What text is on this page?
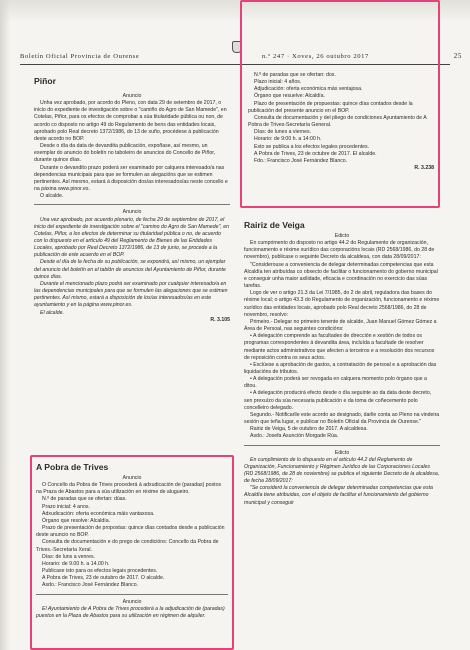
Boletín Oficial Provincia de Ourense	n.º 247 · Xoves, 26 outubro 2017	25

Piñor

Anuncio

Unha vez aprobado, por acordo do Pleno, con data 29 de setembro de 2017, o inicio do expediente de investigación sobre o "camiño do Agro de San Mamede", en Cotelas, Piñor, para os efectos de comprobar a súa titularidade pública ou non, de acordo co disposto no artigo 49 do Regulamento de bens das entidades locais, aprobado polo Real decreto 1372/1986, do 13 de xuño, procédese á publicación deste acordo no BOP.

Desde o día da data de devandita publicación, expoñase, así mesmo, un exemplar do anuncio do boletín no taboleiro de anuncios do Concello de Piñor, durante quince días.

Durante o devandito prazo poderá ser examinado por calquera interesado/a nas dependencias municipais para que se formulen as alegacións que se estimen pertinentes. Así mesmo, estará á disposición dos/as interesados/as neste concello e na páxina www.pinor.es.

O alcalde.

Anuncio

Una vez aprobado, por acuerdo plenario, de fecha 29 de septiembre de 2017, el inicio del expediente de investigación sobre el "camino do Agro de San Mamede", en Cotelas, Piñor, a los efectos de determinar su titularidad pública o no, de acuerdo con lo dispuesto en el artículo 49 del Reglamento de Bienes de las Entidades Locales, aprobado por Real Decreto 1372/1986, de 13 de junio, se procede a la publicación de este acuerdo en el BOP.

Desde el día de la fecha de su publicación, se expondrá, así mismo, un ejemplar del anuncio del boletín en el tablón de anuncios del Ayuntamiento de Piñor, durante quince días.

Durante el mencionado plazo podrá ser examinado por cualquier interesado/a en las dependencias municipales para que se formulen las alegaciones que se estimen pertinentes. Así mismo, estará a disposición de los/as interesados/as en este ayuntamiento y en la página www.pinor.es.

El alcalde.

R. 3.105

A Pobra de Trives

Anuncio

O Concello da Pobra de Trives procederá á adxudicación de (paradas) postos na Praza de Abastos para a súa utilización en réxime de alugueiro.

N.º de paradas que se ofertan: dúas.

Prazo inicial: 4 anos.

Adxudicación: oferta económica máis vantaxosa.

Órgano que resolve: Alcaldía.

Prazo de presentación de propostas: quince días contados desde a publicación deste anuncio no BOP.

Consulta de documentación e do prego de condicións: Concello da Pobra de Trives.-Secretaría Xeral.

Días: de luns a venres.

Horario: de 9.00 h. a 14.00 h.

Publicase isto para os efectos legais procedentes.

A Pobra de Trives, 23 de outubro de 2017. O alcalde.

Asdo.: Francisco José Fernández Blanco.

Anuncio

El Ayuntamiento de A Pobra de Trives procederá a la adjudicación de (paradas) puestos en la Plaza de Abastos para su utilización en régimen de alquiler.

N.º de paradas que se ofertan: dos.

Plazo inicial: 4 años.

Adjudicación: oferta económica más ventajosa.

Órgano que resuelve: Alcaldía.

Plazo de presentación de propuestas: quince días contados desde la publicación del presente anuncio en el BOP.

Consulta de documentación y del pliego de condiciones Ayuntamiento de A Pobra de Trives-Secretaría General.

Días: de lunes a viernes.

Horario: de 9:00 h. a 14:00 h.

Esto se publica a los efectos legales procedentes.

A Pobra de Trives, 23 de octubre de 2017. El alcalde.

Fdo.: Francisco José Fernández Blanco.

R. 3.238

Rairiz de Veiga

Edicto

En cumprimento do disposto no artigo 44.2 do Regulamento de organización, funcionamento e réxime xurídico das corporacións locais (RD 2568/1986, do 28 de novembro), publicase o seguinte Decreto da alcaldesa, con data 28/09/2017:

"Considerouse a conveniencia de delegar determinadas competencias que esta Alcaldía ten atribuídas co obxecto de facilitar o funcionamento do goberno municipal e conseguir unha maior axilidade, eficacia e coordinación no exercicio das súas tarefas.

Logo de ver o artigo 21.3 da Lei 7/1985, do 2 de abril, reguladora das bases do réxime local; o artigo 43.3 do Regulamento de organización, funcionamento e réxime xurídico das entidades locais, aprobado polo Real decreto 2568/1986, do 28 de novembro, resolvo:

Primeiro.- Delegar no primeiro tenente de alcalde, Juan Manuel Gómez Gómez a Área de Persoal, nas seguintes condicións:

• A delegación comprende as facultades de dirección e xestión de todos os programas correspondentes á devandita área, incluída a facultade de resolver mediante actos administrativos que afecten a terceiros e a resolución dos recursos de reposición contra os seus actos.

• Exclúese a aprobación de gastos, a contratación de persoal e a aprobación das liquidacións de tributos.

• A delegación poderá ser revogada en calquera momento polo órgano que a ditou.

• A delegación producirá efecto desde o día seguinte ao da data deste decreto, sen prexuízo da súa necesaria publicación e da toma de coñecemento polo concelleiro delegado.

Segundo.- Notificarlle este acordo ao designado, darlle conta ao Pleno na vindeira sesión que teña lugar, e publicar no Boletín Oficial da Provincia de Ourense."

Rairiz de Veiga, 5 de outubro de 2017. A alcaldesa.

Asdo.: Josefa Asunción Morgade Rúa.

Edicto

En cumplimiento de lo dispuesto en el artículo 44.2 del Reglamento de Organización, Funcionamiento y Régimen Jurídico de las Corporaciones Locales (RD 2568/1986, de 28 de noviembre) se publica el siguiente Decreto de la alcaldesa, de fecha 28/09/2017:

"Se consideró la conveniencia de delegar determinadas competencias que esta Alcaldía tiene atribuidas, con el objeto de facilitar el funcionamiento del gobierno municipal y conseguir
